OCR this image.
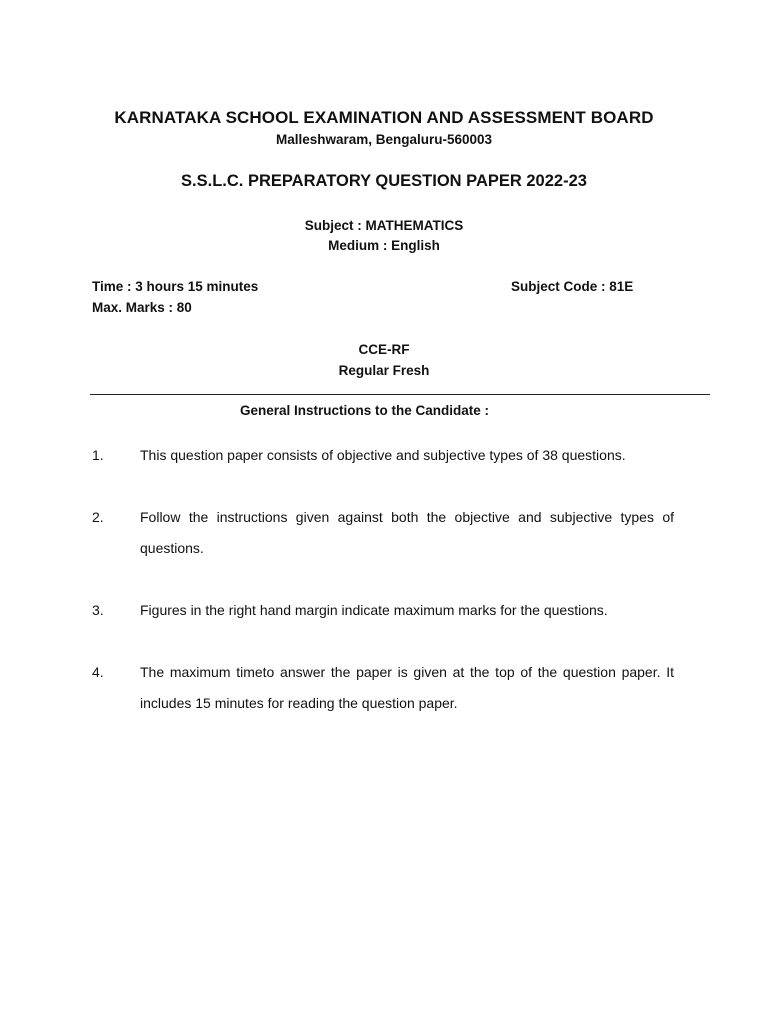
KARNATAKA SCHOOL EXAMINATION AND ASSESSMENT BOARD
Malleshwaram, Bengaluru-560003
S.S.L.C. PREPARATORY QUESTION PAPER 2022-23
Subject : MATHEMATICS
Medium : English
Time : 3 hours 15 minutes
Max. Marks : 80
Subject Code : 81E
CCE-RF
Regular Fresh
General Instructions to the Candidate :
1.	This question paper consists of objective and subjective types of 38 questions.
2.	Follow the instructions given against both the objective and subjective types of questions.
3.	Figures in the right hand margin indicate maximum marks for the questions.
4.	The maximum timeto answer the paper is given at the top of the question paper. It includes 15 minutes for reading the question paper.
